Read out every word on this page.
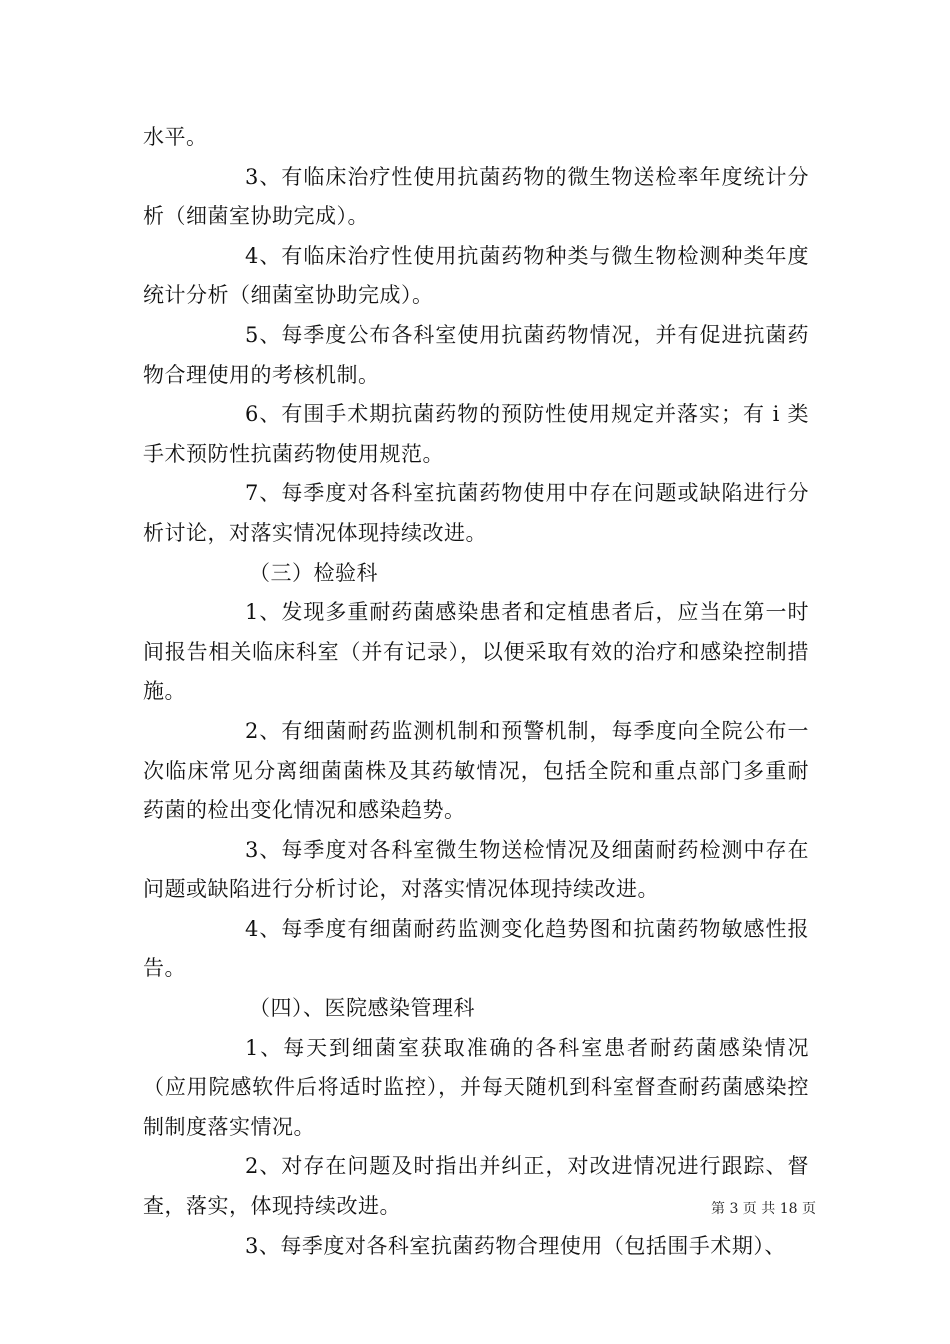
水平。

3、有临床治疗性使用抗菌药物的微生物送检率年度统计分析（细菌室协助完成）。

4、有临床治疗性使用抗菌药物种类与微生物检测种类年度统计分析（细菌室协助完成）。

5、每季度公布各科室使用抗菌药物情况，并有促进抗菌药物合理使用的考核机制。

6、有围手术期抗菌药物的预防性使用规定并落实；有 i 类手术预防性抗菌药物使用规范。

7、每季度对各科室抗菌药物使用中存在问题或缺陷进行分析讨论，对落实情况体现持续改进。

（三）检验科

1、发现多重耐药菌感染患者和定植患者后，应当在第一时间报告相关临床科室（并有记录），以便采取有效的治疗和感染控制措施。

2、有细菌耐药监测机制和预警机制，每季度向全院公布一次临床常见分离细菌菌株及其药敏情况，包括全院和重点部门多重耐药菌的检出变化情况和感染趋势。

3、每季度对各科室微生物送检情况及细菌耐药检测中存在问题或缺陷进行分析讨论，对落实情况体现持续改进。

4、每季度有细菌耐药监测变化趋势图和抗菌药物敏感性报告。

（四）、医院感染管理科

1、每天到细菌室获取准确的各科室患者耐药菌感染情况（应用院感软件后将适时监控），并每天随机到科室督查耐药菌感染控制制度落实情况。

2、对存在问题及时指出并纠正，对改进情况进行跟踪、督查，落实，体现持续改进。

3、每季度对各科室抗菌药物合理使用（包括围手术期）、

第 3 页 共 18 页
